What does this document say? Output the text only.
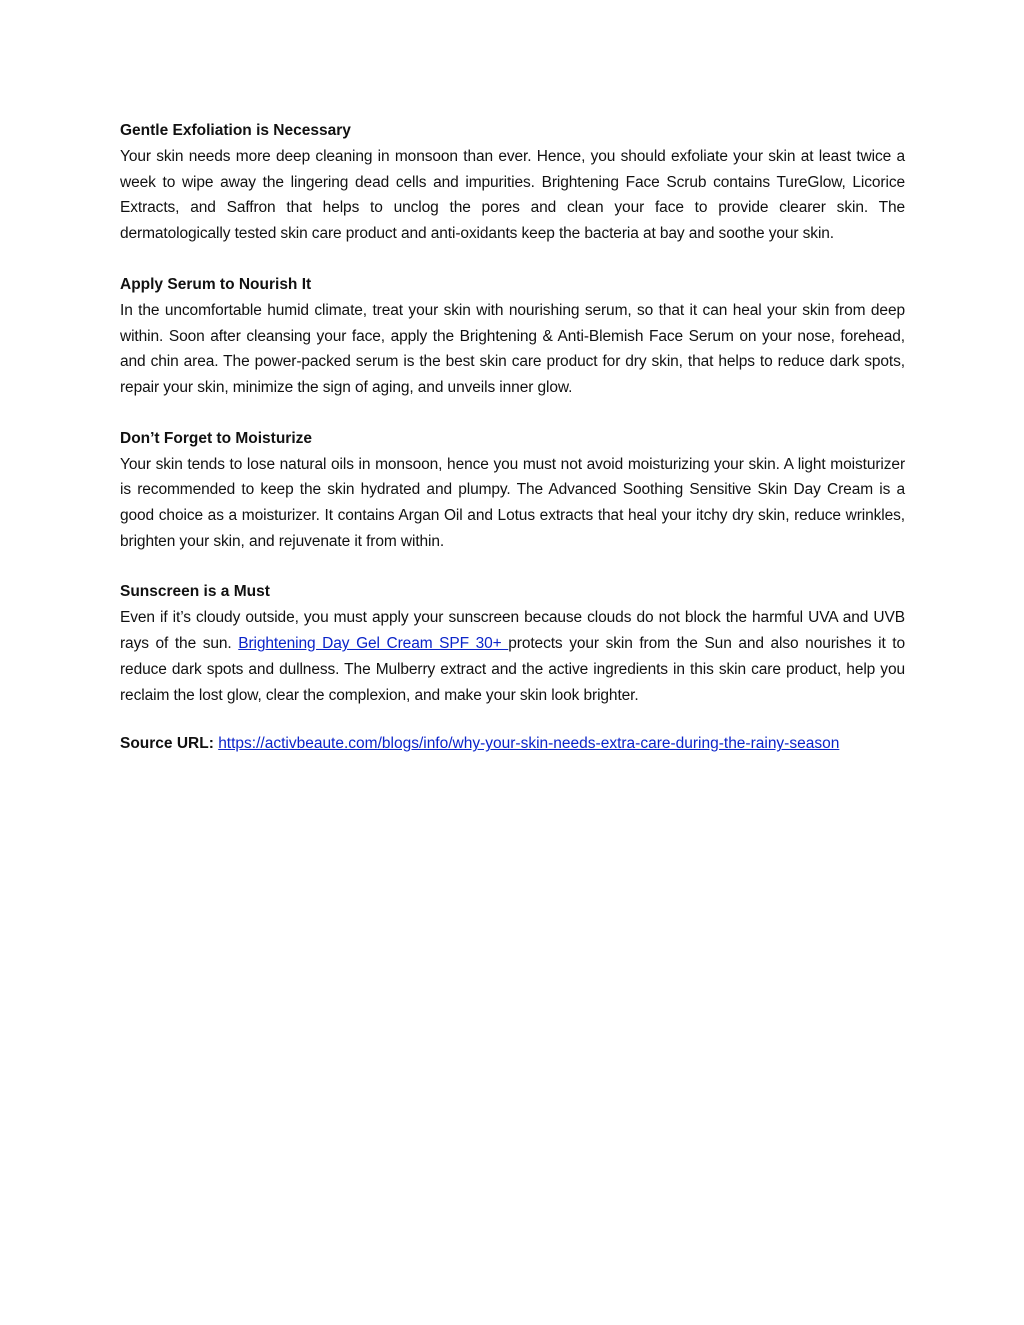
Gentle Exfoliation is Necessary

Your skin needs more deep cleaning in monsoon than ever. Hence, you should exfoliate your skin at least twice a week to wipe away the lingering dead cells and impurities. Brightening Face Scrub contains TureGlow, Licorice Extracts, and Saffron that helps to unclog the pores and clean your face to provide clearer skin. The dermatologically tested skin care product and anti-oxidants keep the bacteria at bay and soothe your skin.

Apply Serum to Nourish It

In the uncomfortable humid climate, treat your skin with nourishing serum, so that it can heal your skin from deep within. Soon after cleansing your face, apply the Brightening & Anti-Blemish Face Serum on your nose, forehead, and chin area. The power-packed serum is the best skin care product for dry skin, that helps to reduce dark spots, repair your skin, minimize the sign of aging, and unveils inner glow.

Don’t Forget to Moisturize

Your skin tends to lose natural oils in monsoon, hence you must not avoid moisturizing your skin. A light moisturizer is recommended to keep the skin hydrated and plumpy. The Advanced Soothing Sensitive Skin Day Cream is a good choice as a moisturizer. It contains Argan Oil and Lotus extracts that heal your itchy dry skin, reduce wrinkles, brighten your skin, and rejuvenate it from within.

Sunscreen is a Must

Even if it’s cloudy outside, you must apply your sunscreen because clouds do not block the harmful UVA and UVB rays of the sun. Brightening Day Gel Cream SPF 30+ protects your skin from the Sun and also nourishes it to reduce dark spots and dullness. The Mulberry extract and the active ingredients in this skin care product, help you reclaim the lost glow, clear the complexion, and make your skin look brighter.

Source URL: https://activbeaute.com/blogs/info/why-your-skin-needs-extra-care-during-the-rainy-season
